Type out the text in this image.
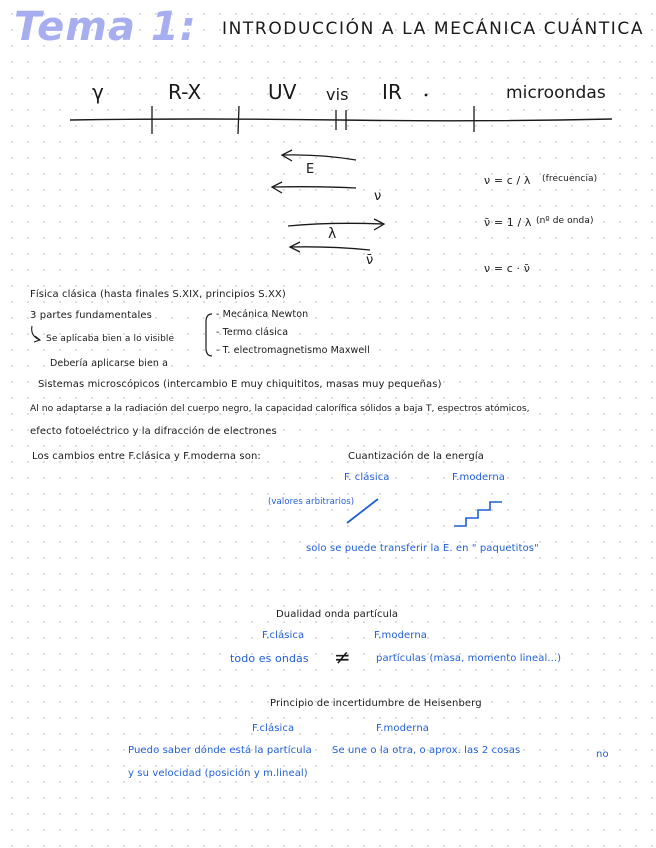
Tema 1: INTRODUCCIÓN A LA MECÁNICA CUÁNTICA
γ	R-X	UV vis IR	microondas
E
ν
λ
ν̄
ν = c / λ (frecuencia)
ν̄ = 1 / λ (nº de onda)
ν = c · ν̄
Física clásica (hasta finales S.XIX, principios S.XX)
3 partes fundamentales	- Mecánica Newton
- Termo clásica
- T. electromagnetismo Maxwell
Se aplicaba bien a lo visible
Debería aplicarse bien a
Sistemas microscópicos (intercambio E muy chiquititos, masas muy pequeñas)
Al no adaptarse a la radiación del cuerpo negro, la capacidad calorífica sólidos a baja T, espectros atómicos,
efecto fotoeléctrico y la difracción de electrones
Los cambios entre F.clásica y F.moderna son:	Cuantización de la energía
F. clásica	F.moderna
(valores arbitrarios)
solo se puede transferir la E. en " paquetitos"
Dualidad onda partícula
F.clásica	F.moderna
todo es ondas ≠	partículas (masa, momento lineal...)
Principio de incertidumbre de Heisenberg
F.clásica	F.moderna
Puedo saber dónde está la partícula Se une o la otra, o aprox. las 2 cosas	no
y su velocidad (posición y m.lineal)
